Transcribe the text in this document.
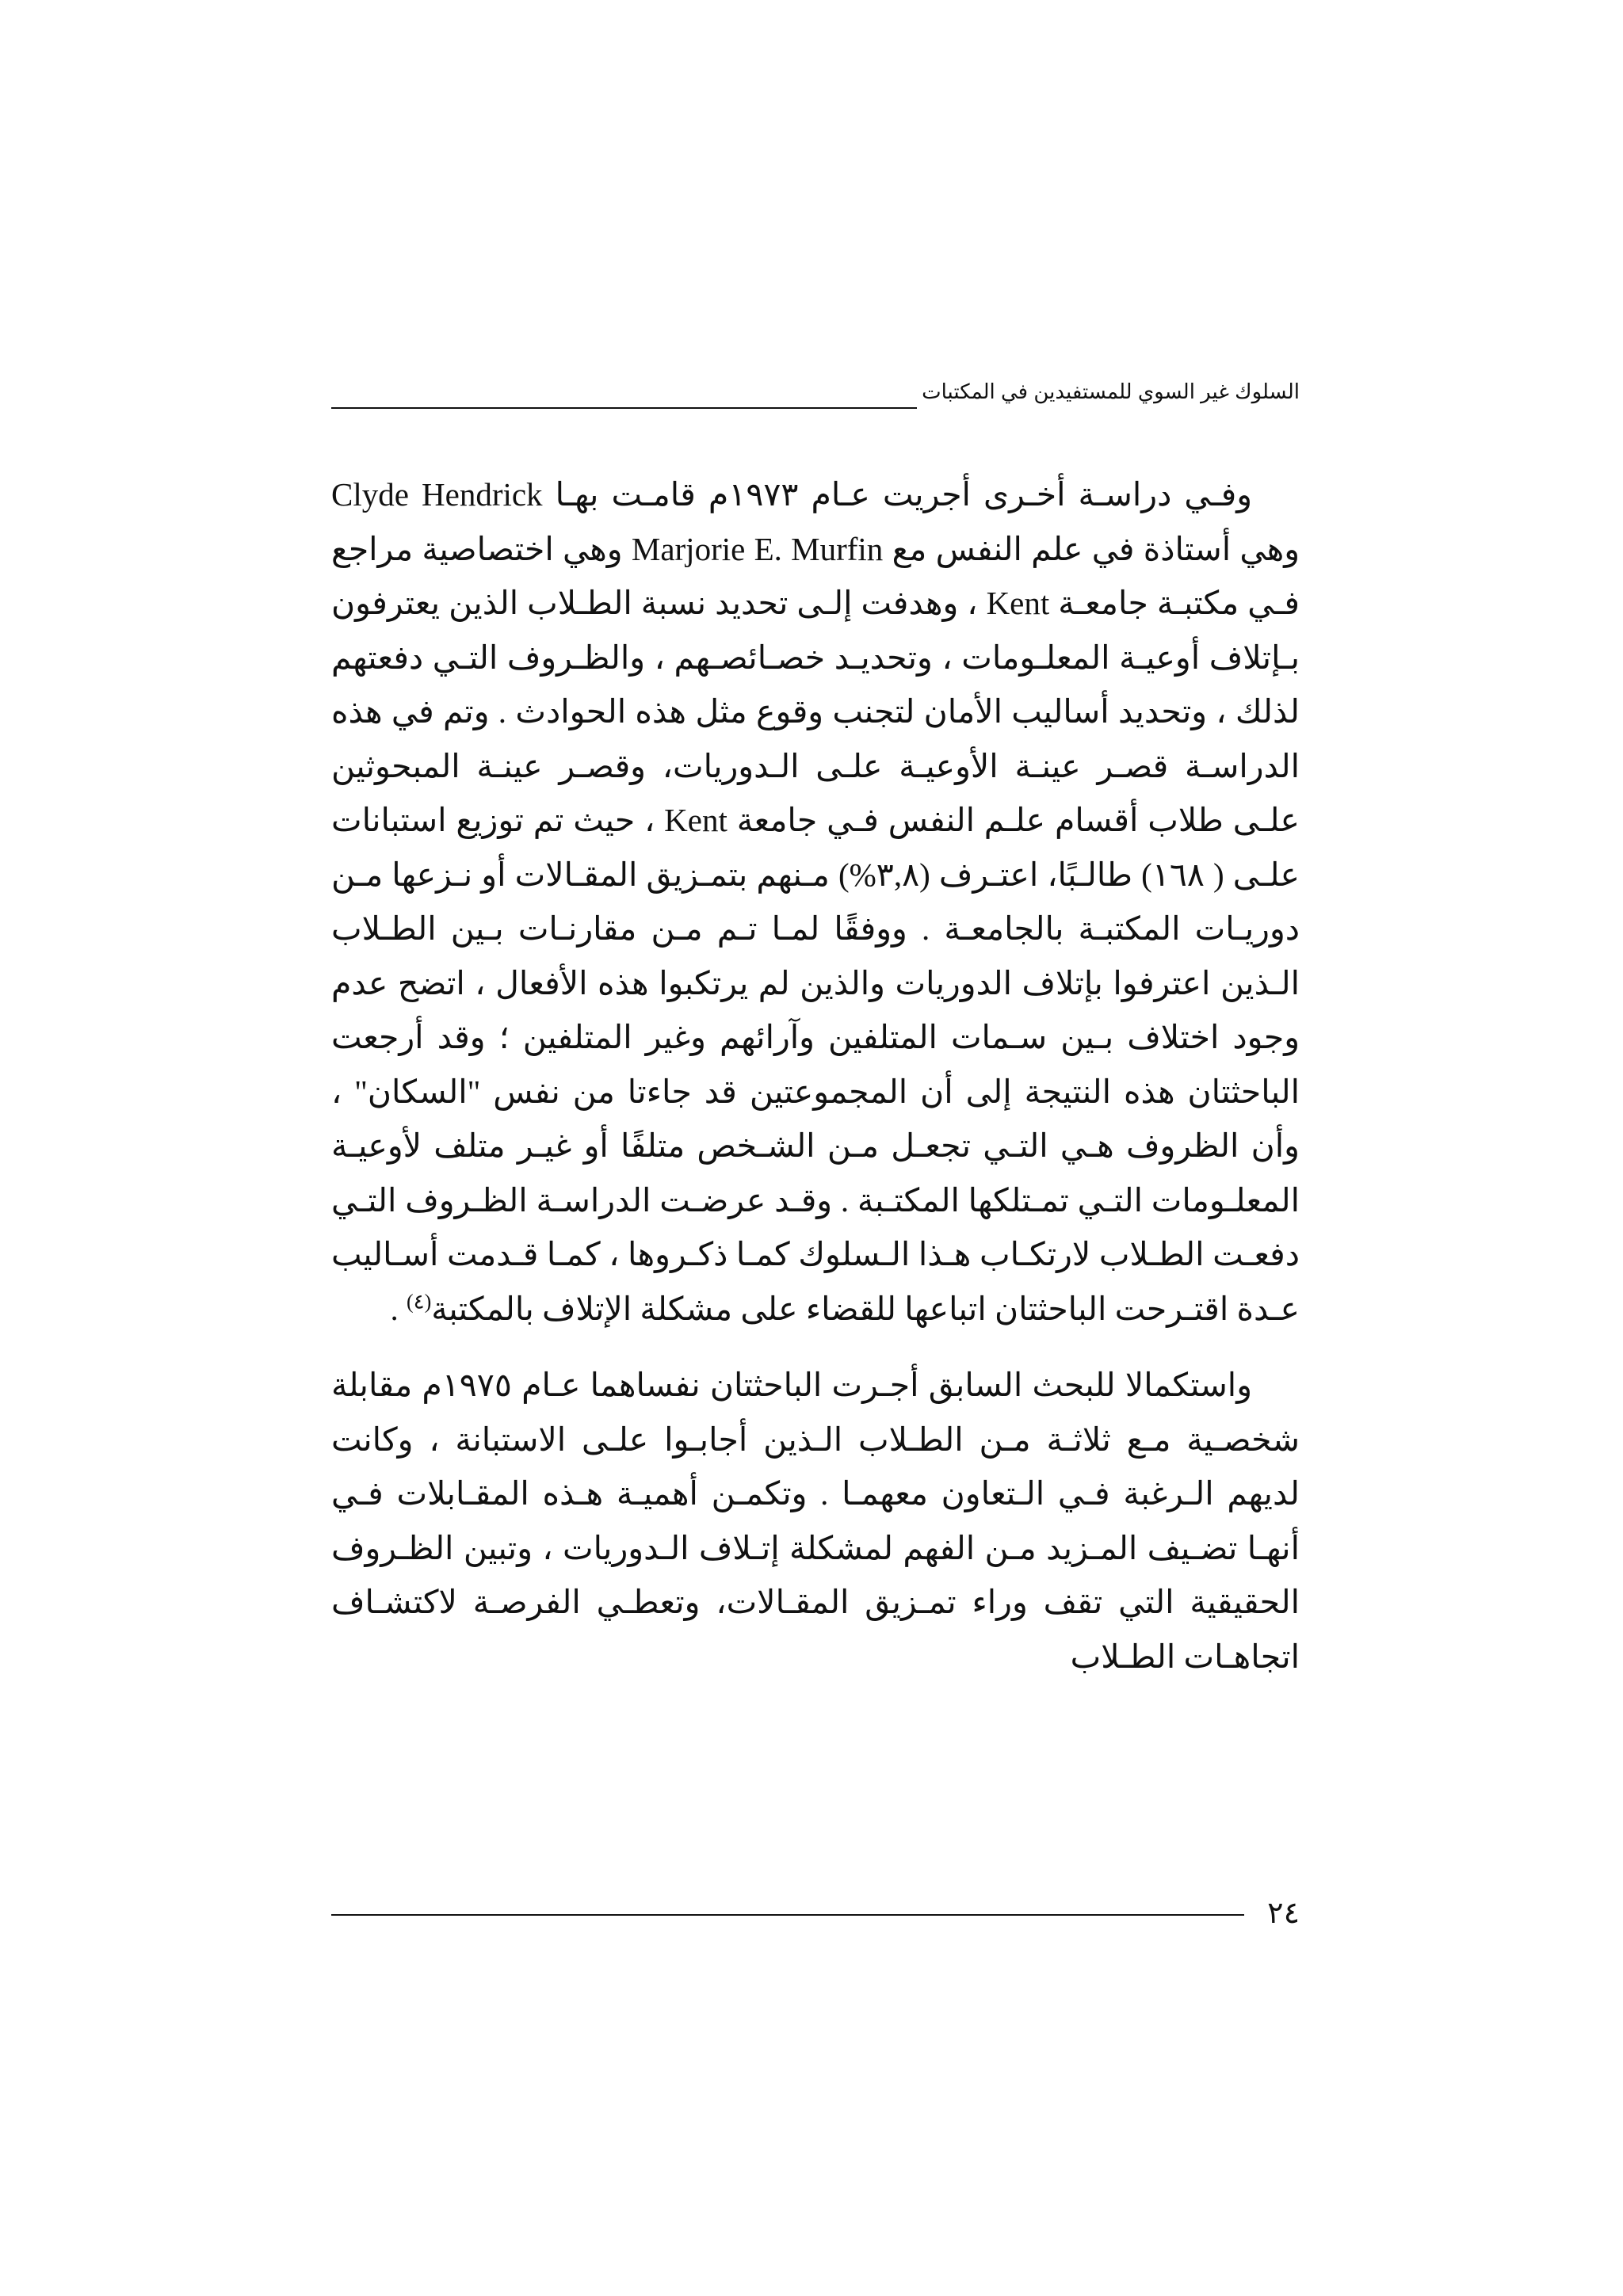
السلوك غير السوي للمستفيدين في المكتبات

وفـي دراسـة أخـرى أجريت عـام ١٩٧٣م قامـت بهـا Clyde Hendrick وهي أستاذة في علم النفس مع Marjorie E. Murfin وهي اختصاصية مراجع فـي مكتبـة جامعـة Kent ، وهدفت إلـى تحديد نسبة الطـلاب الذين يعترفون بـإتلاف أوعيـة المعلـومات ، وتحديـد خصـائصـهم ، والظـروف التـي دفعتهم لذلك ، وتحديد أساليب الأمان لتجنب وقوع مثل هذه الحوادث . وتم في هذه الدراسـة قصـر عينـة الأوعيـة علـى الـدوريات، وقصـر عينـة المبحوثين علـى طلاب أقسام علـم النفس فـي جامعة Kent ، حيث تم توزيع استبانات علـى ( ١٦٨) طالـبًا، اعتـرف (٣,٨%) مـنهم بتمـزيق المقـالات أو نـزعها مـن دوريـات المكتبـة بالجامعـة . ووفقًا لمـا تـم مـن مقارنـات بـين الطـلاب الـذين اعترفوا بإتلاف الدوريات والذين لم يرتكبوا هذه الأفعال ، اتضح عدم وجود اختلاف بـين سـمات المتلفين وآرائهم وغير المتلفين ؛ وقد أرجعت الباحثتان هذه النتيجة إلى أن المجموعتين قد جاءتا من نفس "السكان" ، وأن الظروف هـي التـي تجعـل مـن الشـخص متلفًا أو غيـر متلف لأوعيـة المعلـومات التـي تمـتلكها المكتـبة . وقـد عرضـت الدراسـة الظـروف التـي دفعـت الطـلاب لارتكـاب هـذا الـسلوك كمـا ذكـروها ، كمـا قـدمت أسـاليب عـدة اقتـرحت الباحثتان اتباعها للقضاء على مشكلة الإتلاف بالمكتبة$^{(٤)}$ .

واستكمالا للبحث السابق أجـرت الباحثتان نفساهما عـام ١٩٧٥م مقابلة شخصـية مـع ثلاثـة مـن الطـلاب الـذين أجابـوا علـى الاستبانة ، وكانت لديهم الـرغبة فـي الـتعاون معهمـا . وتكمـن أهميـة هـذه المقـابلات فـي أنهـا تضـيف المـزيد مـن الفهم لمشكلة إتـلاف الـدوريات ، وتبين الظـروف الحقيقية التي تقف وراء تمـزيق المقـالات، وتعطـي الفرصـة لاكتشـاف اتجاهـات الطـلاب

٢٤
